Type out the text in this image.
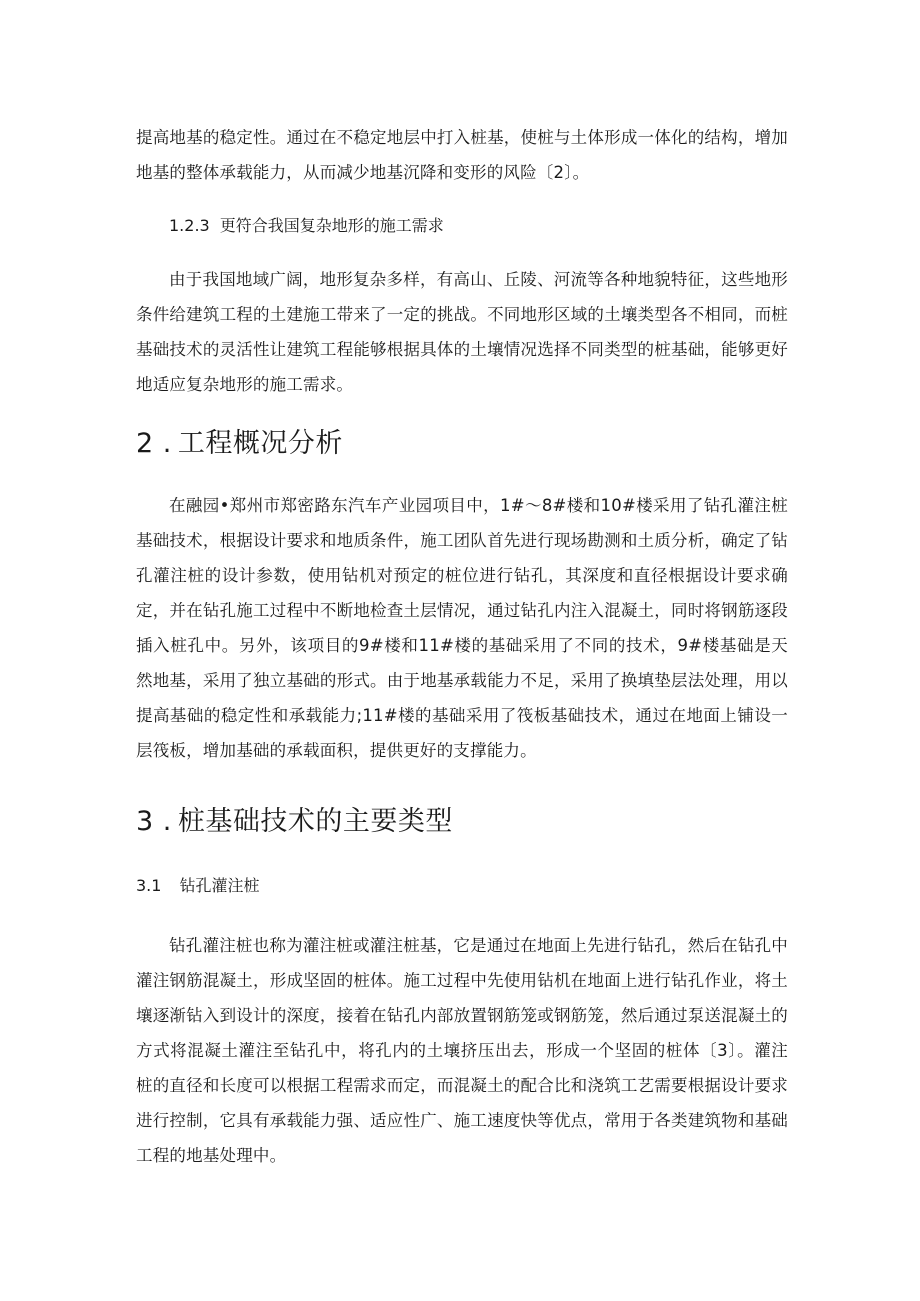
提高地基的稳定性。通过在不稳定地层中打入桩基，使桩与土体形成一体化的结构，增加地基的整体承载能力，从而减少地基沉降和变形的风险〔2〕。

1.2.3 更符合我国复杂地形的施工需求

由于我国地域广阔，地形复杂多样，有高山、丘陵、河流等各种地貌特征，这些地形条件给建筑工程的土建施工带来了一定的挑战。不同地形区域的土壤类型各不相同，而桩基础技术的灵活性让建筑工程能够根据具体的土壤情况选择不同类型的桩基础，能够更好地适应复杂地形的施工需求。

2 . 工程概况分析

在融园•郑州市郑密路东汽车产业园项目中，1#～8#楼和10#楼采用了钻孔灌注桩基础技术，根据设计要求和地质条件，施工团队首先进行现场勘测和土质分析，确定了钻孔灌注桩的设计参数，使用钻机对预定的桩位进行钻孔，其深度和直径根据设计要求确定，并在钻孔施工过程中不断地检查土层情况，通过钻孔内注入混凝土，同时将钢筋逐段插入桩孔中。另外，该项目的9#楼和11#楼的基础采用了不同的技术，9#楼基础是天然地基，采用了独立基础的形式。由于地基承载能力不足，采用了换填垫层法处理，用以提高基础的稳定性和承载能力;11#楼的基础采用了筏板基础技术，通过在地面上铺设一层筏板，增加基础的承载面积，提供更好的支撑能力。

3 . 桩基础技术的主要类型
3.1 钻孔灌注桩

钻孔灌注桩也称为灌注桩或灌注桩基，它是通过在地面上先进行钻孔，然后在钻孔中灌注钢筋混凝土，形成坚固的桩体。施工过程中先使用钻机在地面上进行钻孔作业，将土壤逐渐钻入到设计的深度，接着在钻孔内部放置钢筋笼或钢筋笼，然后通过泵送混凝土的方式将混凝土灌注至钻孔中，将孔内的土壤挤压出去，形成一个坚固的桩体〔3〕。灌注桩的直径和长度可以根据工程需求而定，而混凝土的配合比和浇筑工艺需要根据设计要求进行控制，它具有承载能力强、适应性广、施工速度快等优点，常用于各类建筑物和基础工程的地基处理中。
